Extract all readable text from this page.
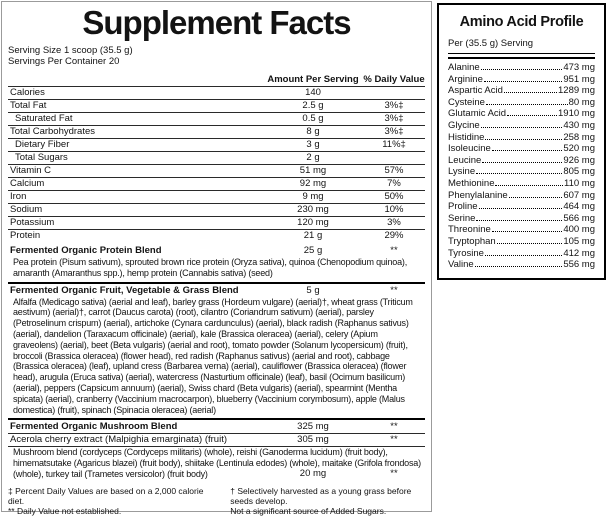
Supplement Facts
Serving Size 1 scoop (35.5 g)
Servings Per Container 20
Amount Per Serving % Daily Value
Calories	140
Total Fat	2.5 g	3%‡
Saturated Fat	0.5 g	3%‡
Total Carbohydrates	8 g	3%‡
Dietary Fiber	3 g	11%‡
Total Sugars	2 g
Vitamin C	51 mg	57%
Calcium	92 mg	7%
Iron	9 mg	50%
Sodium	230 mg	10%
Potassium	120 mg	3%
Protein	21 g	29%
Fermented Organic Protein Blend	25 g	**
Pea protein (Pisum sativum), sprouted brown rice protein (Oryza sativa), quinoa (Chenopodium quinoa), amaranth (Amaranthus spp.), hemp protein (Cannabis sativa) (seed)
Fermented Organic Fruit, Vegetable & Grass Blend	5 g	**
Alfalfa (Medicago sativa) (aerial and leaf), barley grass (Hordeum vulgare) (aerial)†, wheat grass (Triticum aestivum) (aerial)†, carrot (Daucus carota) (root), cilantro (Coriandrum sativum) (aerial), parsley (Petroselinum crispum) (aerial), artichoke (Cynara cardunculus) (aerial), black radish (Raphanus sativus) (aerial), dandelion (Taraxacum officinale) (aerial), kale (Brassica oleracea) (aerial), celery (Apium graveolens) (aerial), beet (Beta vulgaris) (aerial and root), tomato powder (Solanum lycopersicum) (fruit), broccoli (Brassica oleracea) (flower head), red radish (Raphanus sativus) (aerial and root), cabbage (Brassica oleracea) (leaf), upland cress (Barbarea verna) (aerial), cauliflower (Brassica oleracea) (flower head), arugula (Eruca sativa) (aerial), watercress (Nasturtium officinale) (leaf), basil (Ocimum basilicum) (aerial), peppers (Capsicum annuum) (aerial), Swiss chard (Beta vulgaris) (aerial), spearmint (Mentha spicata) (aerial), cranberry (Vaccinium macrocarpon), blueberry (Vaccinium corymbosum), apple (Malus domestica) (fruit), spinach (Spinacia oleracea) (aerial)
Fermented Organic Mushroom Blend	325 mg	**
Acerola cherry extract (Malpighia emarginata) (fruit)	305 mg	**
Mushroom blend (cordyceps (Cordyceps militaris) (whole), reishi (Ganoderma lucidum) (fruit body), himematsutake (Agaricus blazei) (fruit body), shiitake (Lentinula edodes) (whole), maitake (Grifola frondosa) (whole), turkey tail (Trametes versicolor) (fruit body)	20 mg	**
‡ Percent Daily Values are based on a 2,000 calorie diet.
** Daily Value not established.
† Selectively harvested as a young grass before seeds develop.
Not a significant source of Added Sugars.
Amino Acid Profile
Per (35.5 g) Serving
Alanine	473 mg
Arginine	951 mg
Aspartic Acid	1289 mg
Cysteine	80 mg
Glutamic Acid	1910 mg
Glycine	430 mg
Histidine	258 mg
Isoleucine	520 mg
Leucine	926 mg
Lysine	805 mg
Methionine	110 mg
Phenylalanine	607 mg
Proline	464 mg
Serine	566 mg
Threonine	400 mg
Tryptophan	105 mg
Tyrosine	412 mg
Valine	556 mg
